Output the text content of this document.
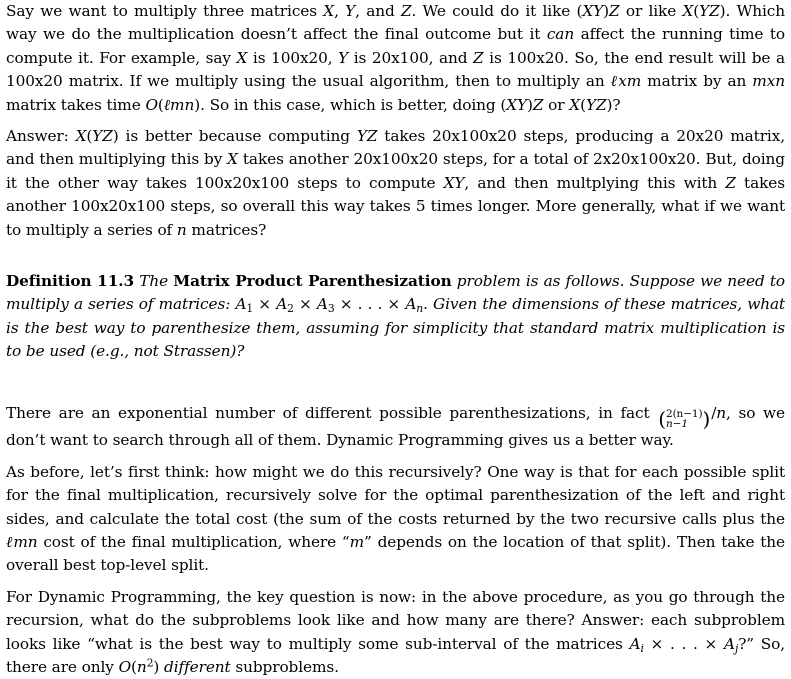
Say we want to multiply three matrices X, Y, and Z. We could do it like (XY)Z or like X(YZ). Which way we do the multiplication doesn’t affect the final outcome but it can affect the running time to compute it. For example, say X is 100x20, Y is 20x100, and Z is 100x20. So, the end result will be a 100x20 matrix. If we multiply using the usual algorithm, then to multiply an ℓxm matrix by an mxn matrix takes time O(ℓmn). So in this case, which is better, doing (XY)Z or X(YZ)?

Answer: X(YZ) is better because computing YZ takes 20x100x20 steps, producing a 20x20 matrix, and then multiplying this by X takes another 20x100x20 steps, for a total of 2x20x100x20. But, doing it the other way takes 100x20x100 steps to compute XY, and then multplying this with Z takes another 100x20x100 steps, so overall this way takes 5 times longer. More generally, what if we want to multiply a series of n matrices?

Definition 11.3 The Matrix Product Parenthesization problem is as follows. Suppose we need to multiply a series of matrices: $A_1 \times A_2 \times A_3$ × . . . × $A_n$. Given the dimensions of these matrices, what is the best way to parenthesize them, assuming for simplicity that standard matrix multiplication is to be used (e.g., not Strassen)?

There are an exponential number of different possible parenthesizations, in fact ( 2(n−1)
n−1 )/n, so we don’t want to search through all of them. Dynamic Programming gives us a better way.

As before, let’s first think: how might we do this recursively? One way is that for each possible split for the final multiplication, recursively solve for the optimal parenthesization of the left and right sides, and calculate the total cost (the sum of the costs returned by the two recursive calls plus the ℓmn cost of the final multiplication, where “m” depends on the location of that split). Then take the overall best top-level split.

For Dynamic Programming, the key question is now: in the above procedure, as you go through the recursion, what do the subproblems look like and how many are there? Answer: each subproblem looks like “what is the best way to multiply some sub-interval of the matrices $A_i$ × . . . × $A_j$?” So, there are only $O(n^2)$ different subproblems.
